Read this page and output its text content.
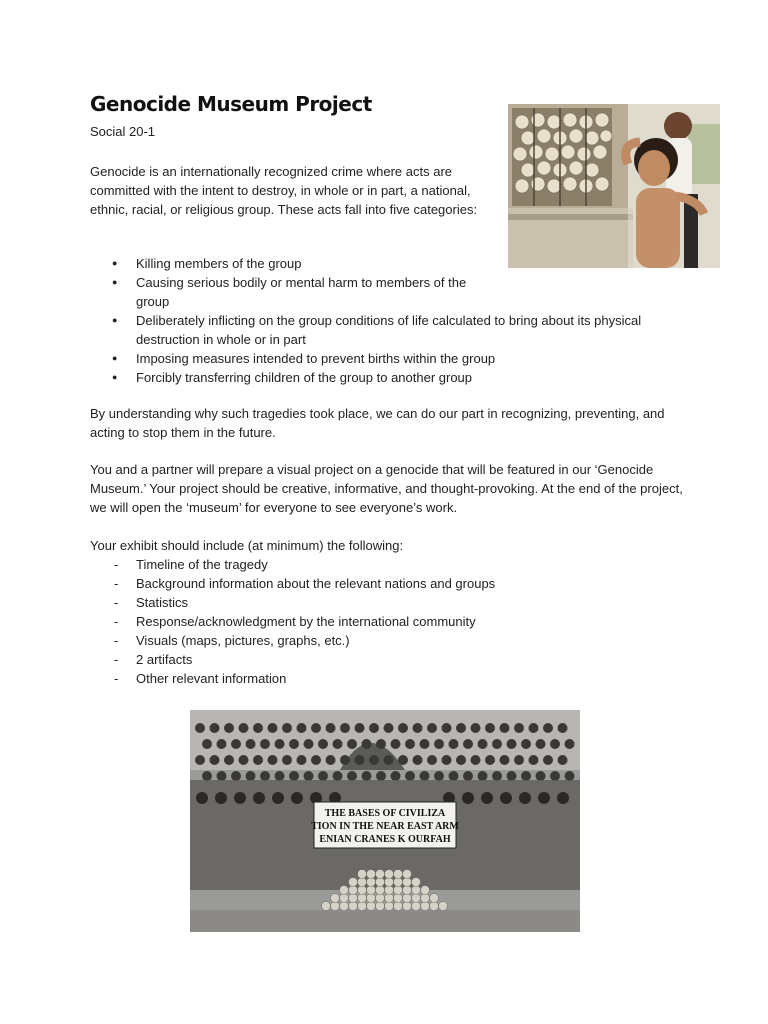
Genocide Museum Project

Social 20-1

Genocide is an internationally recognized crime where acts are committed with the intent to destroy, in whole or in part, a national, ethnic, racial, or religious group. These acts fall into five categories:

● Killing members of the group
● Causing serious bodily or mental harm to members of the group
● Deliberately inflicting on the group conditions of life calculated to bring about its physical destruction in whole or in part
● Imposing measures intended to prevent births within the group
● Forcibly transferring children of the group to another group

By understanding why such tragedies took place, we can do our part in recognizing, preventing, and acting to stop them in the future.

You and a partner will prepare a visual project on a genocide that will be featured in our ‘Genocide Museum.’ Your project should be creative, informative, and thought-provoking. At the end of the project, we will open the ‘museum’ for everyone to see everyone’s work.

Your exhibit should include (at minimum) the following:

- Timeline of the tragedy
- Background information about the relevant nations and groups
- Statistics
- Response/acknowledgment by the international community
- Visuals (maps, pictures, graphs, etc.)
- 2 artifacts
- Other relevant information
THE BASES OF CIVILIZA
TION IN THE NEAR EAST ARM
ENIAN CRANES K OURFAH
